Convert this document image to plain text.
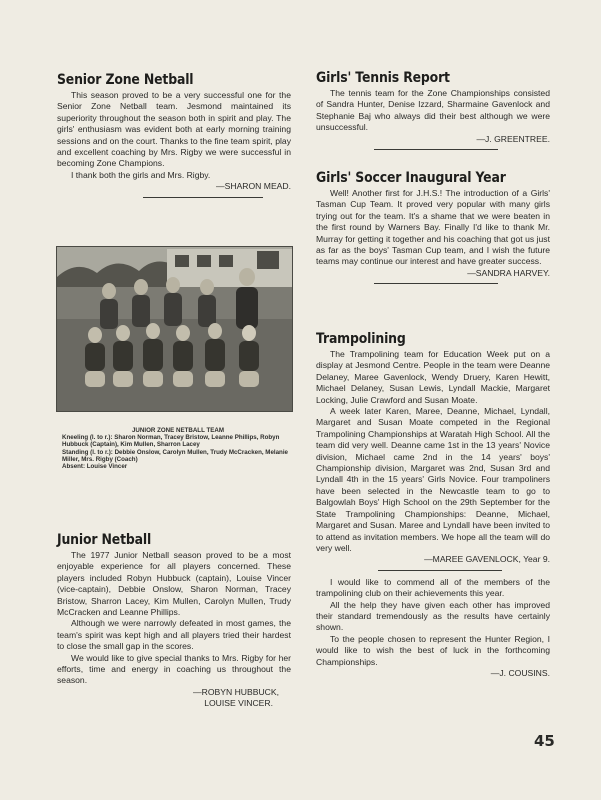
Senior Zone Netball

This season proved to be a very successful one for the Senior Zone Netball team. Jesmond maintained its superiority throughout the season both in spirit and play. The girls' enthusiasm was evident both at early morning training sessions and on the court. Thanks to the fine team spirit, play and excellent coaching by Mrs. Rigby we were successful in becoming Zone Champions.

I thank both the girls and Mrs. Rigby.

—SHARON MEAD.
JUNIOR ZONE NETBALL TEAM
Kneeling (l. to r.): Sharon Norman, Tracey Bristow, Leanne Phillips, Robyn Hubbuck (Captain), Kim Mullen, Sharron Lacey
Standing (l. to r.): Debbie Onslow, Carolyn Mullen, Trudy McCracken, Melanie Miller, Mrs. Rigby (Coach)
Absent: Louise Vincer
Junior Netball

The 1977 Junior Netball season proved to be a most enjoyable experience for all players concerned. These players included Robyn Hubbuck (captain), Louise Vincer (vice-captain), Debbie Onslow, Sharon Norman, Tracey Bristow, Sharron Lacey, Kim Mullen, Carolyn Mullen, Trudy McCracken and Leanne Phillips.

Although we were narrowly defeated in most games, the team's spirit was kept high and all players tried their hardest to close the small gap in the scores.

We would like to give special thanks to Mrs. Rigby for her efforts, time and energy in coaching us throughout the season.

—ROBYN HUBBUCK,
LOUISE VINCER.
Girls' Tennis Report

The tennis team for the Zone Championships consisted of Sandra Hunter, Denise Izzard, Sharmaine Gavenlock and Stephanie Baj who always did their best although we were unsuccessful.

—J. GREENTREE.
Girls' Soccer Inaugural Year

Well! Another first for J.H.S.! The introduction of a Girls' Tasman Cup Team. It proved very popular with many girls trying out for the team. It's a shame that we were beaten in the first round by Warners Bay. Finally I'd like to thank Mr. Murray for getting it together and his coaching that got us just as far as the boys' Tasman Cup team, and I wish the future teams may continue our interest and have greater success.

—SANDRA HARVEY.
Trampolining

The Trampolining team for Education Week put on a display at Jesmond Centre. People in the team were Deanne Delaney, Maree Gavenlock, Wendy Druery, Karen Hewitt, Michael Delaney, Susan Lewis, Lyndall Mackie, Margaret Locking, Julie Crawford and Susan Moate.

A week later Karen, Maree, Deanne, Michael, Lyndall, Margaret and Susan Moate competed in the Regional Trampolining Championships at Waratah High School. All the team did very well. Deanne came 1st in the 13 years' Novice division, Michael came 2nd in the 14 years' boys' Championship division, Margaret was 2nd, Susan 3rd and Lyndall 4th in the 15 years' Girls Novice. Four trampoliners have been selected in the Newcastle team to go to Balgowlah Boys' High School on the 29th September for the State Trampolining Championships: Deanne, Michael, Margaret and Susan. Maree and Lyndall have been invited to to attend as invitation members. We hope all the team will do very well.

—MAREE GAVENLOCK, Year 9.

I would like to commend all of the members of the trampolining club on their achievements this year.

All the help they have given each other has improved their standard tremendously as the results have certainly shown.

To the people chosen to represent the Hunter Region, I would like to wish the best of luck in the forthcoming Championships.

—J. COUSINS.
45
